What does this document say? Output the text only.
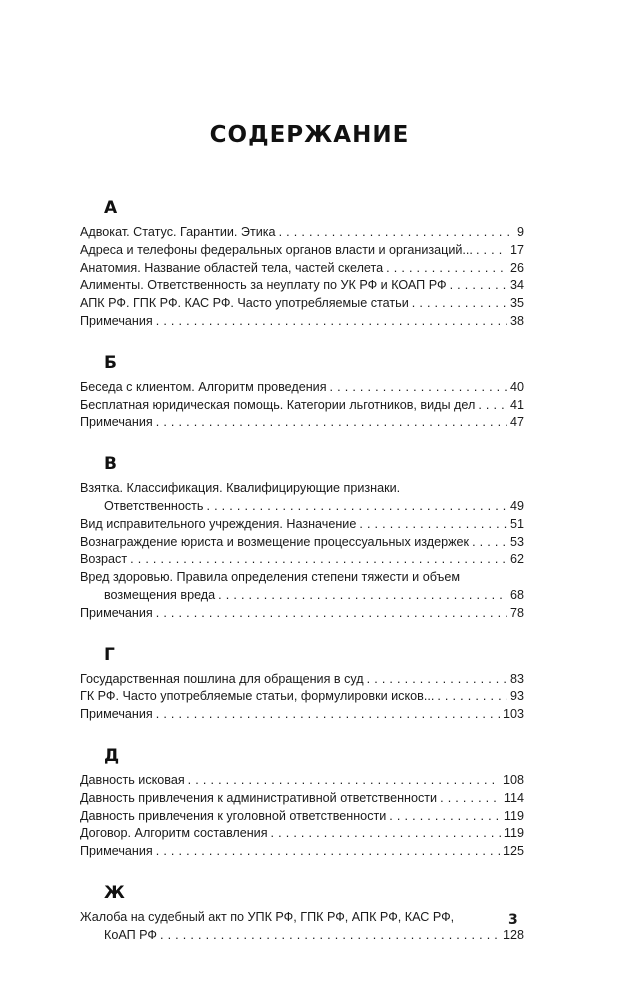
СОДЕРЖАНИЕ
А
Адвокат. Статус. Гарантии. Этика . . .	9
Адреса и телефоны федеральных органов власти и организаций... . . .	17
Анатомия. Название областей тела, частей скелета . . .	26
Алименты. Ответственность за неуплату по УК РФ и КОАП РФ . . .	34
АПК РФ. ГПК РФ. КАС РФ. Часто употребляемые статьи . . .	35
Примечания . . .	38
Б
Беседа с клиентом. Алгоритм проведения . . .	40
Бесплатная юридическая помощь. Категории льготников, виды дел . . .	41
Примечания . . .	47
В
Взятка. Классификация. Квалифицирующие признаки.
Ответственность . . .	49
Вид исправительного учреждения. Назначение . . .	51
Вознаграждение юриста и возмещение процессуальных издержек . . .	53
Возраст . . .	62
Вред здоровью. Правила определения степени тяжести и объем
возмещения вреда . . .	68
Примечания . . .	78
Г
Государственная пошлина для обращения в суд . . .	83
ГК РФ. Часто употребляемые статьи, формулировки исков... . . .	93
Примечания . . .	103
Д
Давность исковая . . .	108
Давность привлечения к административной ответственности . . .	114
Давность привлечения к уголовной ответственности . . .	119
Договор. Алгоритм составления . . .	119
Примечания . . .	125
Ж
Жалоба на судебный акт по УПК РФ, ГПК РФ, АПК РФ, КАС РФ,
КоАП РФ . . .	128
3
